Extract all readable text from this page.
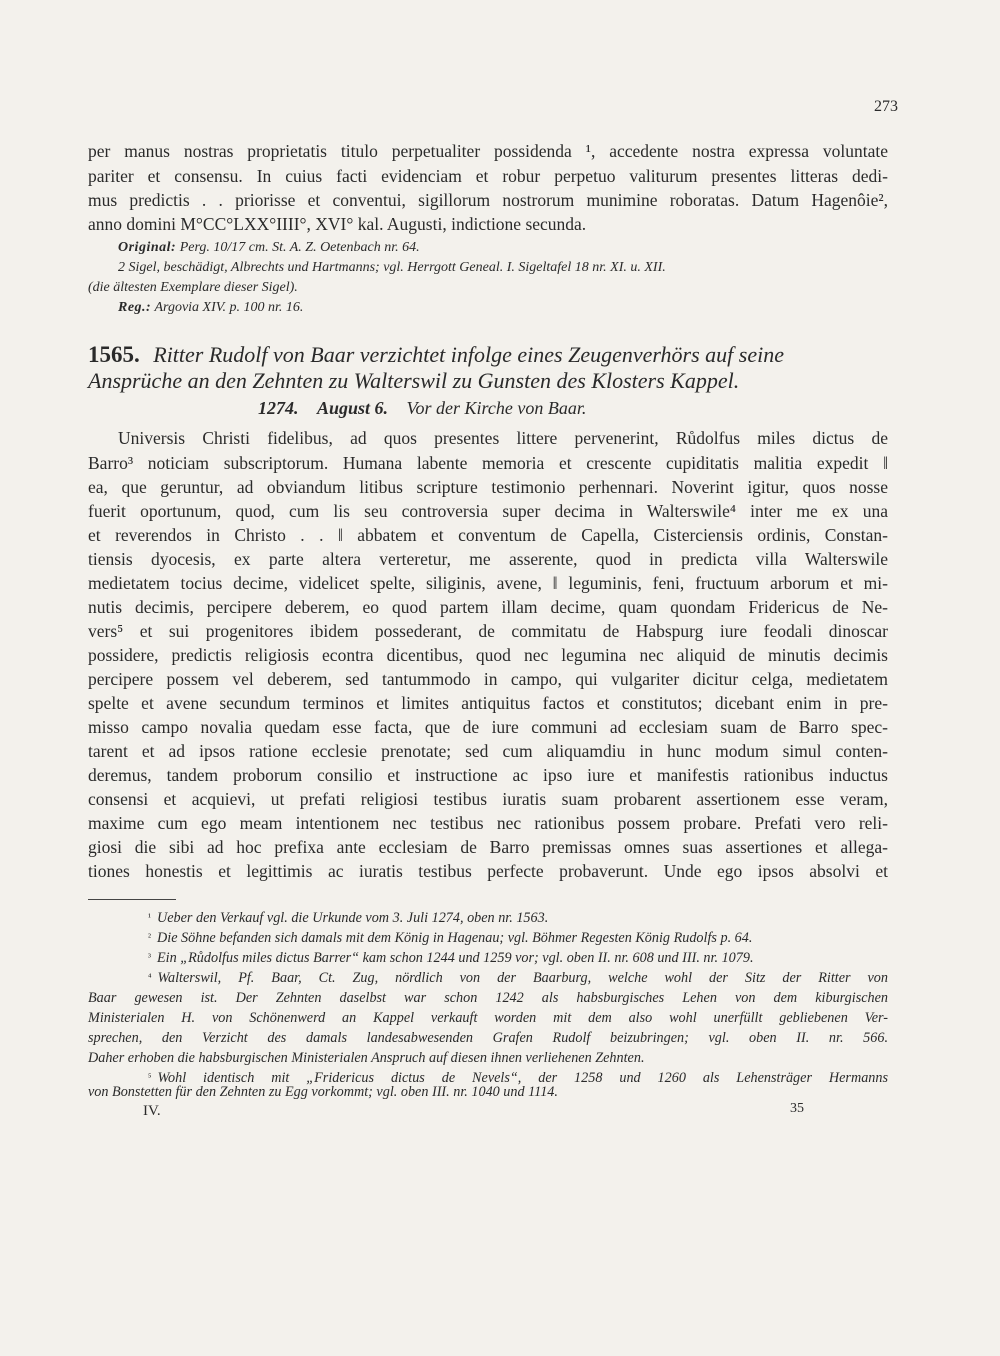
273
per manus nostras proprietatis titulo perpetualiter possidenda ¹, accedente nostra expressa voluntate
pariter et consensu. In cuius facti evidenciam et robur perpetuo valiturum presentes litteras dedi-
mus predictis . . priorisse et conventui, sigillorum nostrorum munimine roboratas. Datum Hagenôie²,
anno domini M°CC°LXX°IIII°, XVI° kal. Augusti, indictione secunda.
Original: Perg. 10/17 cm. St. A. Z. Oetenbach nr. 64.
2 Sigel, beschädigt, Albrechts und Hartmanns; vgl. Herrgott Geneal. I. Sigeltafel 18 nr. XI. u. XII.
(die ältesten Exemplare dieser Sigel).
Reg.: Argovia XIV. p. 100 nr. 16.
1565. Ritter Rudolf von Baar verzichtet infolge eines Zeugenverhörs auf seine
Ansprüche an den Zehnten zu Walterswil zu Gunsten des Klosters Kappel.
1274. August 6. Vor der Kirche von Baar.
Universis Christi fidelibus, ad quos presentes littere pervenerint, Růdolfus miles dictus de
Barro³ noticiam subscriptorum. Humana labente memoria et crescente cupiditatis malitia expedit ‖
ea, que geruntur, ad obviandum litibus scripture testimonio perhennari. Noverint igitur, quos nosse
fuerit oportunum, quod, cum lis seu controversia super decima in Walterswile⁴ inter me ex una
et reverendos in Christo . . ‖ abbatem et conventum de Capella, Cisterciensis ordinis, Constan-
tiensis dyocesis, ex parte altera verteretur, me asserente, quod in predicta villa Walterswile
medietatem tocius decime, videlicet spelte, siliginis, avene, ‖ leguminis, feni, fructuum arborum et mi-
nutis decimis, percipere deberem, eo quod partem illam decime, quam quondam Fridericus de Ne-
vers⁵ et sui progenitores ibidem possederant, de commitatu de Habspurg iure feodali dinoscar
possidere, predictis religiosis econtra dicentibus, quod nec legumina nec aliquid de minutis decimis
percipere possem vel deberem, sed tantummodo in campo, qui vulgariter dicitur celga, medietatem
spelte et avene secundum terminos et limites antiquitus factos et constitutos; dicebant enim in pre-
misso campo novalia quedam esse facta, que de iure communi ad ecclesiam suam de Barro spec-
tarent et ad ipsos ratione ecclesie prenotate; sed cum aliquamdiu in hunc modum simul conten-
deremus, tandem proborum consilio et instructione ac ipso iure et manifestis rationibus inductus
consensi et acquievi, ut prefati religiosi testibus iuratis suam probarent assertionem esse veram,
maxime cum ego meam intentionem nec testibus nec rationibus possem probare. Prefati vero reli-
giosi die sibi ad hoc prefixa ante ecclesiam de Barro premissas omnes suas assertiones et allega-
tiones honestis et legittimis ac iuratis testibus perfecte probaverunt. Unde ego ipsos absolvi et
¹ Ueber den Verkauf vgl. die Urkunde vom 3. Juli 1274, oben nr. 1563.
² Die Söhne befanden sich damals mit dem König in Hagenau; vgl. Böhmer Regesten König Rudolfs p. 64.
³ Ein „Růdolfus miles dictus Barrer“ kam schon 1244 und 1259 vor; vgl. oben II. nr. 608 und III. nr. 1079.
⁴ Walterswil, Pf. Baar, Ct. Zug, nördlich von der Baarburg, welche wohl der Sitz der Ritter von
Baar gewesen ist. Der Zehnten daselbst war schon 1242 als habsburgisches Lehen von dem kiburgischen
Ministerialen H. von Schönenwerd an Kappel verkauft worden mit dem also wohl unerfüllt gebliebenen Ver-
sprechen, den Verzicht des damals landesabwesenden Grafen Rudolf beizubringen; vgl. oben II. nr. 566.
Daher erhoben die habsburgischen Ministerialen Anspruch auf diesen ihnen verliehenen Zehnten.
⁵ Wohl identisch mit „Fridericus dictus de Nevels“, der 1258 und 1260 als Lehensträger Hermanns
von Bonstetten für den Zehnten zu Egg vorkommt; vgl. oben III. nr. 1040 und 1114.
IV.	35
